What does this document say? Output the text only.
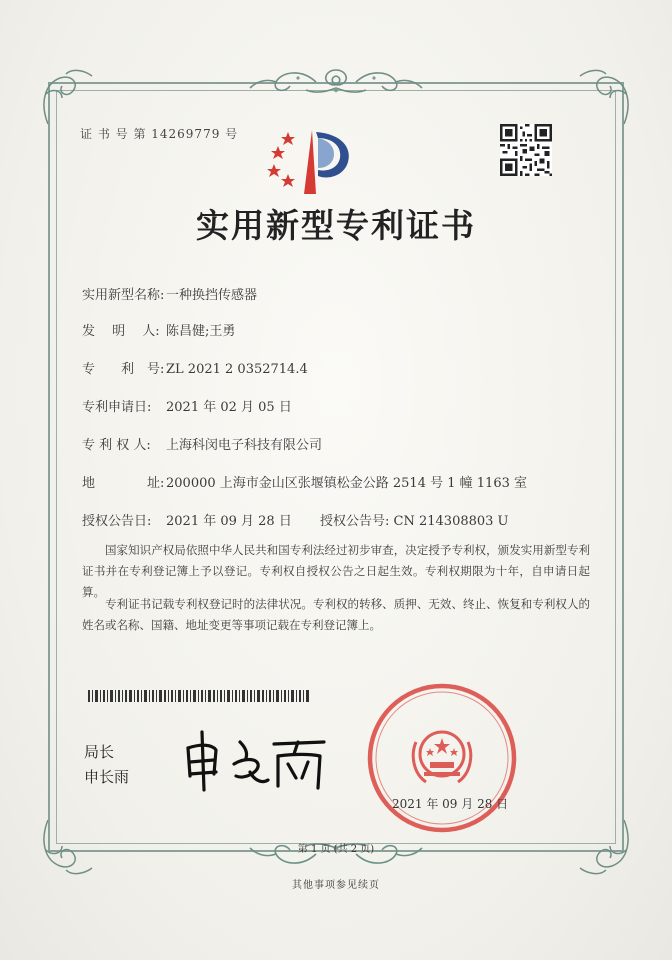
证 书 号 第 14269779 号
实用新型专利证书
实用新型名称: 一种换挡传感器
发　 明　 人: 陈昌健;王勇
专　　利　号: ZL 2021 2 0352714.4
专利申请日: 2021 年 02 月 05 日
专 利 权 人: 上海科闵电子科技有限公司
地　　　　址: 200000 上海市金山区张堰镇松金公路 2514 号 1 幢 1163 室
授权公告日: 2021 年 09 月 28 日 授权公告号: CN 214308803 U
国家知识产权局依照中华人民共和国专利法经过初步审查，决定授予专利权，颁发实用新型专利证书并在专利登记簿上予以登记。专利权自授权公告之日起生效。专利权期限为十年，自申请日起算。
专利证书记载专利权登记时的法律状况。专利权的转移、质押、无效、终止、恢复和专利权人的姓名或名称、国籍、地址变更等事项记载在专利登记簿上。
局长
申长雨
2021 年 09 月 28 日
第 1 页 (共 2 页)
其他事项参见续页
